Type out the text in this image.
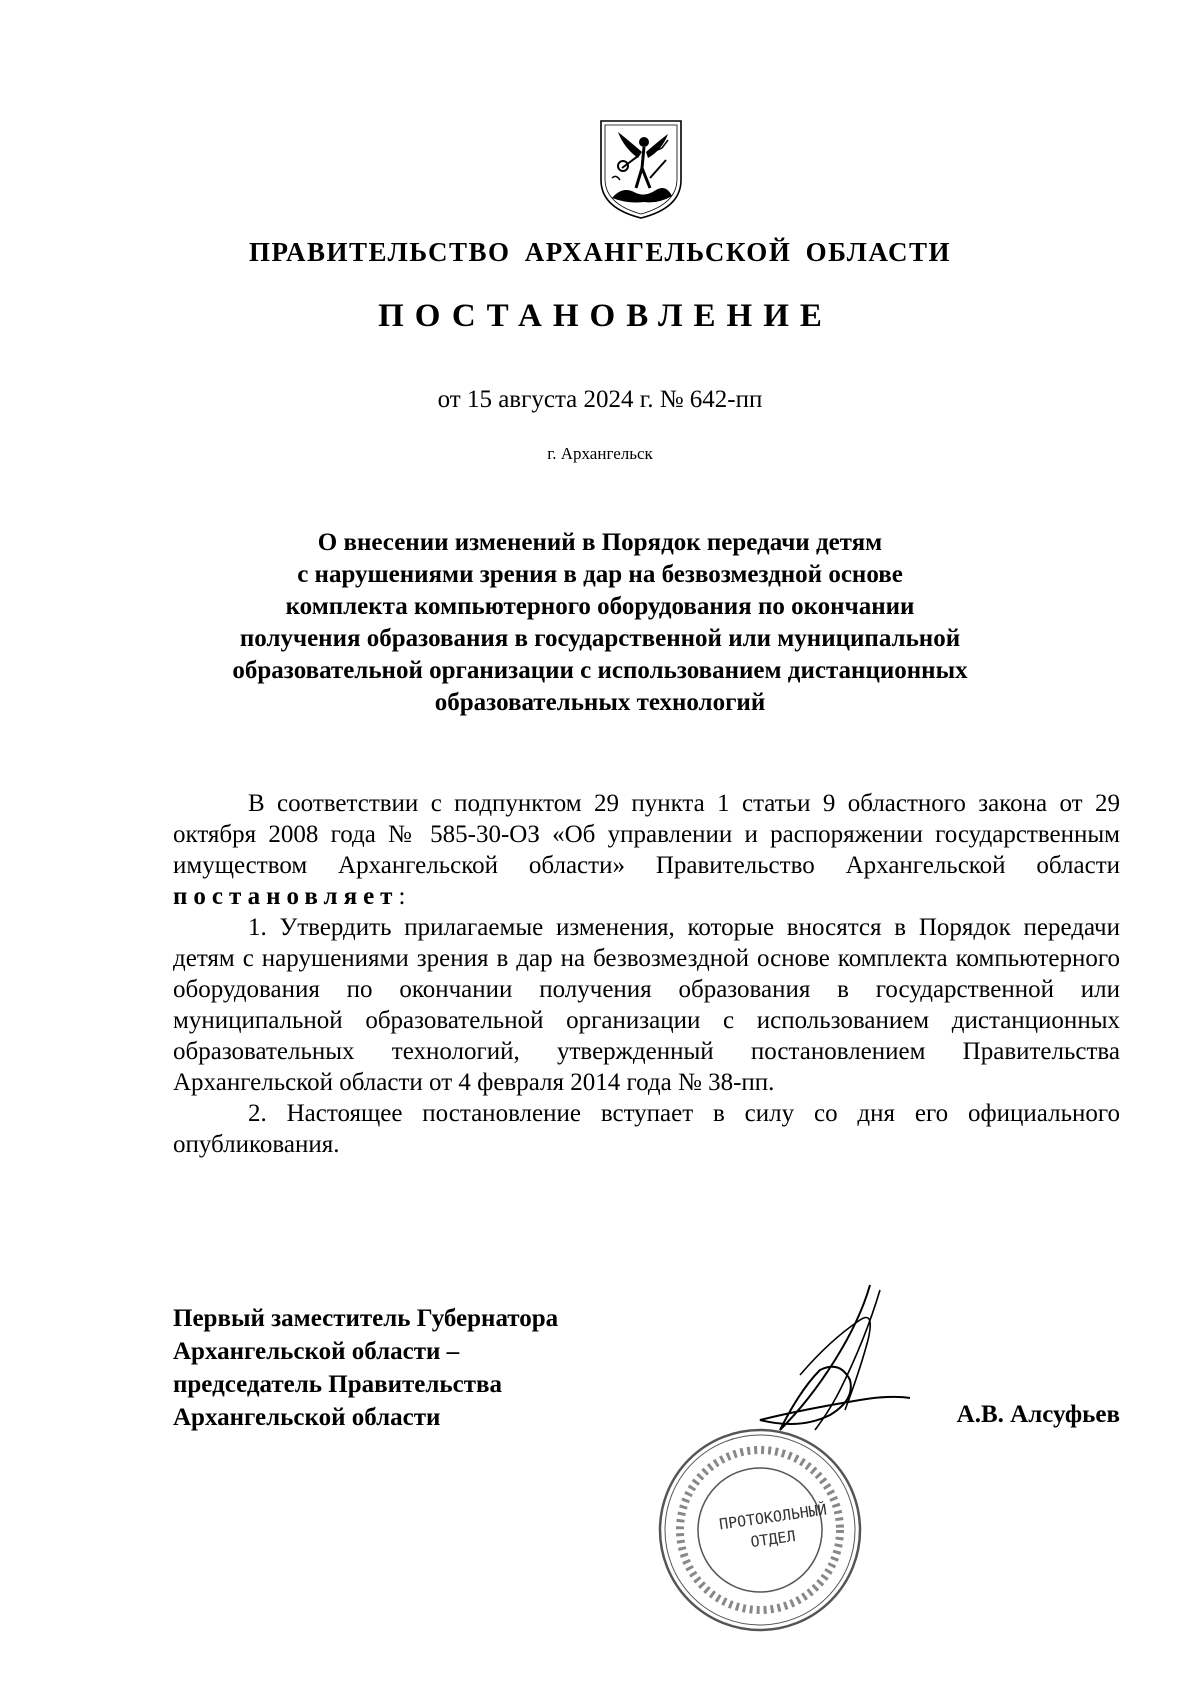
ПРАВИТЕЛЬСТВО АРХАНГЕЛЬСКОЙ ОБЛАСТИ
ПОСТАНОВЛЕНИЕ
от 15 августа 2024 г. № 642-пп
г. Архангельск
О внесении изменений в Порядок передачи детям
с нарушениями зрения в дар на безвозмездной основе
комплекта компьютерного оборудования по окончании
получения образования в государственной или муниципальной
образовательной организации с использованием дистанционных
образовательных технологий

В соответствии с подпунктом 29 пункта 1 статьи 9 областного закона от 29 октября 2008 года № 585-30-ОЗ «Об управлении и распоряжении государственным имуществом Архангельской области» Правительство Архангельской области постановляет:

1. Утвердить прилагаемые изменения, которые вносятся в Порядок передачи детям с нарушениями зрения в дар на безвозмездной основе комплекта компьютерного оборудования по окончании получения образования в государственной или муниципальной образовательной организации с использованием дистанционных образовательных технологий, утвержденный постановлением Правительства Архангельской области от 4 февраля 2014 года № 38-пп.

2. Настоящее постановление вступает в силу со дня его официального опубликования.

Первый заместитель Губернатора
Архангельской области –
председатель Правительства
Архангельской области
ПРОТОКОЛЬНЫЙ
ОТДЕЛ
А.В. Алсуфьев
